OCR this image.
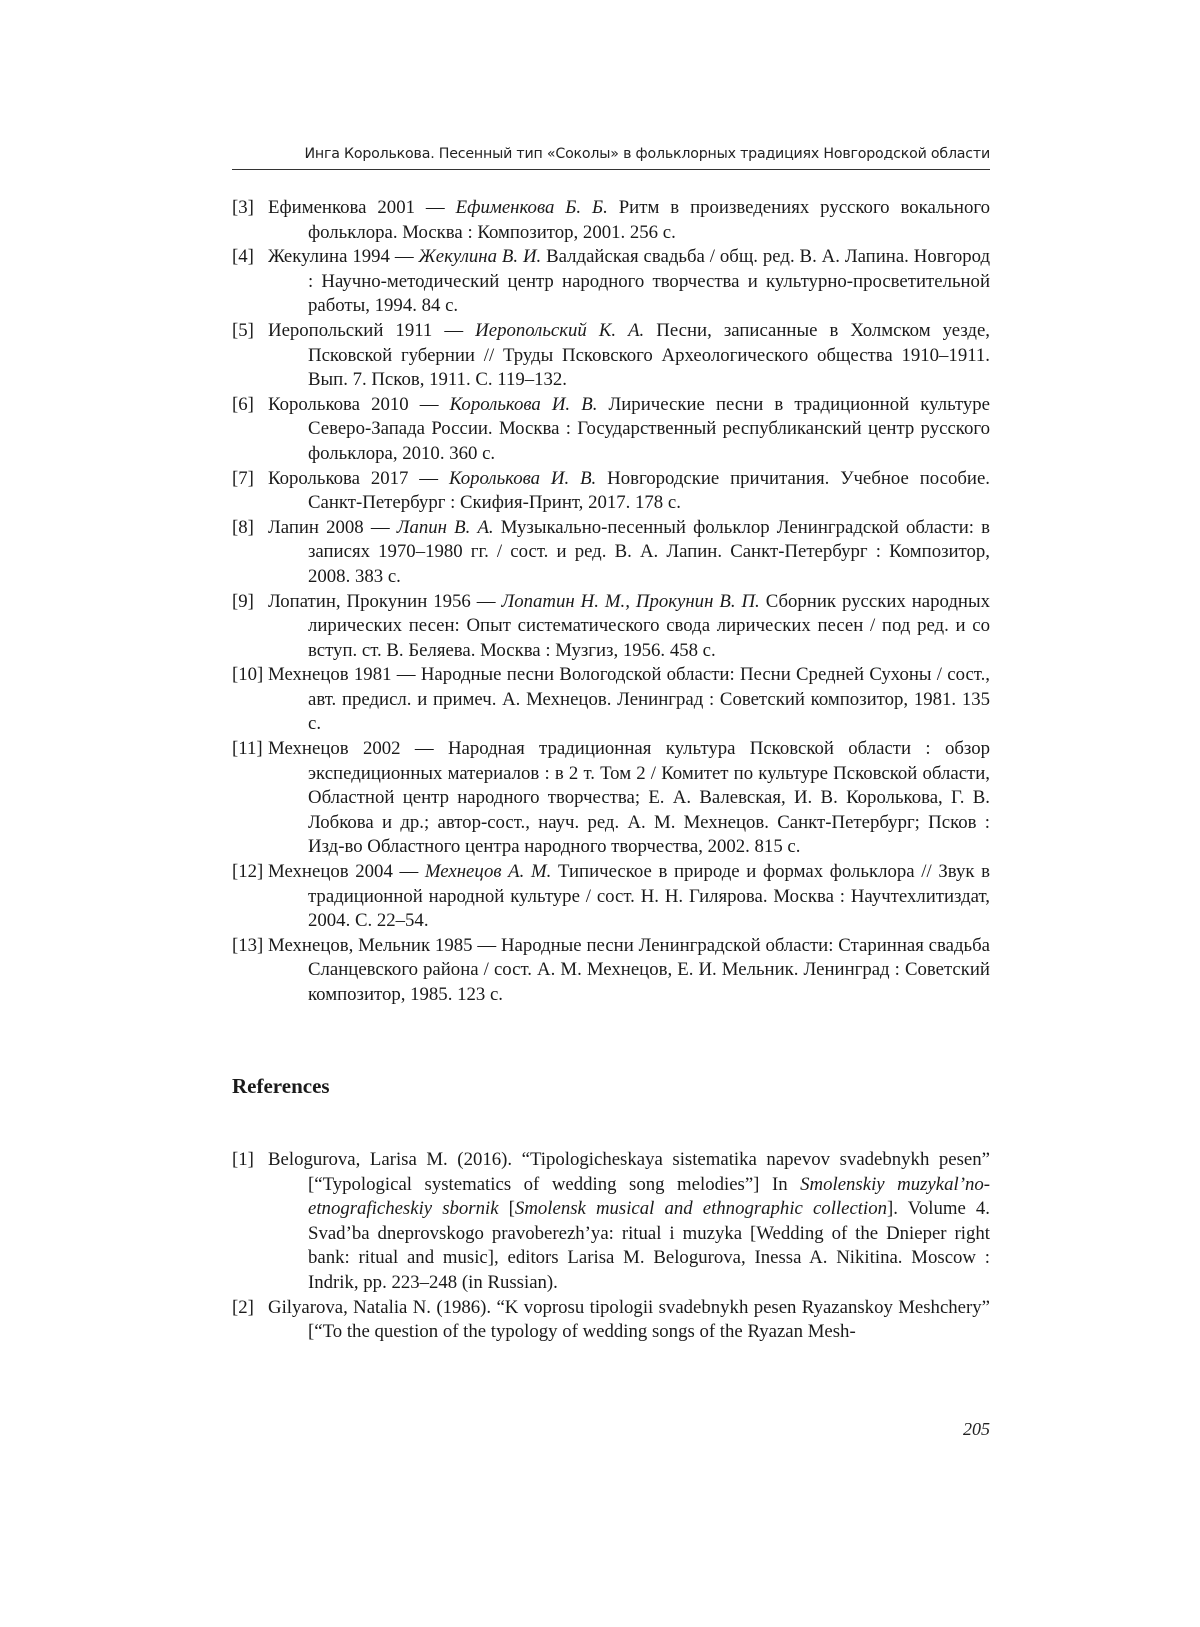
Инга Королькова. Песенный тип «Соколы» в фольклорных традициях Новгородской области
[3] Ефименкова 2001 — Ефименкова Б. Б. Ритм в произведениях русского вокального фольклора. Москва : Композитор, 2001. 256 с.
[4] Жекулина 1994 — Жекулина В. И. Валдайская свадьба / общ. ред. В. А. Лапина. Новгород : Научно-методический центр народного творчества и культурно-просветительной работы, 1994. 84 с.
[5] Иеропольский 1911 — Иеропольский К. А. Песни, записанные в Холмском уезде, Псковской губернии // Труды Псковского Археологического общества 1910–1911. Вып. 7. Псков, 1911. С. 119–132.
[6] Королькова 2010 — Королькова И. В. Лирические песни в традиционной культу­ре Северо-Запада России. Москва : Государственный республиканский центр русского фольклора, 2010. 360 с.
[7] Королькова 2017 — Королькова И. В. Новгородские причитания. Учебное посо­бие. Санкт-Петербург : Скифия-Принт, 2017. 178 с.
[8] Лапин 2008 — Лапин В. А. Музыкально-песенный фольклор Ленинградской об­ласти: в записях 1970–1980 гг. / сост. и ред. В. А. Лапин. Санкт-Петербург : Композитор, 2008. 383 с.
[9] Лопатин, Прокунин 1956 — Лопатин Н. М., Прокунин В. П. Сборник русских на­родных лирических песен: Опыт систематического свода лирических песен / под ред. и со вступ. ст. В. Беляева. Москва : Музгиз, 1956. 458 с.
[10] Мехнецов 1981 — Народные песни Вологодской области: Песни Средней Сухоны / сост., авт. предисл. и примеч. А. Мехнецов. Ленинград : Советский компози­тор, 1981. 135 с.
[11] Мехнецов 2002 — Народная традиционная культура Псковской области : обзор экспедиционных материалов : в 2 т. Том 2 / Комитет по культуре Псковской области, Областной центр народного творчества; Е. А. Валевская, И. В. Ко­ролькова, Г. В. Лобкова и др.; автор-сост., науч. ред. А. М. Мехнецов. Санкт-Петербург; Псков : Изд-во Областного центра народного творчества, 2002. 815 с.
[12] Мехнецов 2004 — Мехнецов А. М. Типическое в природе и формах фольклора // Звук в традиционной народной культуре / сост. Н. Н. Гилярова. Москва : На­учтехлитиздат, 2004. С. 22–54.
[13] Мехнецов, Мельник 1985 — Народные песни Ленинградской области: Старинная свадьба Сланцевского района / сост. А. М. Мехнецов, Е. И. Мельник. Ленин­град : Советский композитор, 1985. 123 с.
References
[1] Belogurova, Larisa M. (2016). “Tipologicheskaya sistematika napevov svadebnykh pesen” [“Typological systematics of wedding song melodies”] In Smolenskiy muzykal’no-etnograficheskiy sbornik [Smolensk musical and ethnographic collection]. Volume 4. Svad’ba dneprovskogo pravoberezh’ya: ritual i muzyka [Wedding of the Dnieper right bank: ritual and music], editors Larisa M. Belogurova, Inessa A. Niki­tina. Moscow : Indrik, pp. 223–248 (in Russian).
[2] Gilyarova, Natalia N. (1986). “K voprosu tipologii svadebnykh pesen Ryazanskoy Mesh­chery” [“To the question of the typology of wedding songs of the Ryazan Mesh-
205
